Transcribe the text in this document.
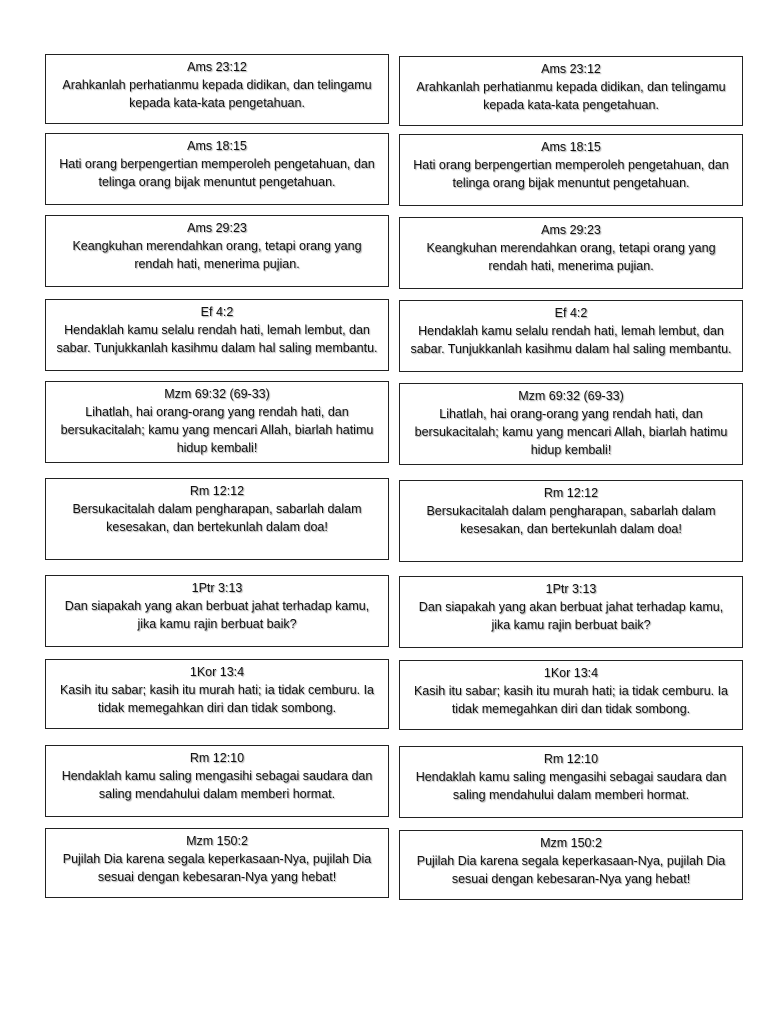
Ams 23:12

Arahkanlah perhatianmu kepada didikan, dan telingamu kepada kata-kata pengetahuan.

Ams 18:15

Hati orang berpengertian memperoleh pengetahuan, dan telinga orang bijak menuntut pengetahuan.

Ams 29:23

Keangkuhan merendahkan orang, tetapi orang yang rendah hati, menerima pujian.

Ef 4:2

Hendaklah kamu selalu rendah hati, lemah lembut, dan sabar. Tunjukkanlah kasihmu dalam hal saling membantu.

Mzm 69:32 (69-33)

Lihatlah, hai orang-orang yang rendah hati, dan bersukacitalah; kamu yang mencari Allah, biarlah hatimu hidup kembali!

Rm 12:12

Bersukacitalah dalam pengharapan, sabarlah dalam kesesakan, dan bertekunlah dalam doa!

1Ptr 3:13

Dan siapakah yang akan berbuat jahat terhadap kamu, jika kamu rajin berbuat baik?

1Kor 13:4

Kasih itu sabar; kasih itu murah hati; ia tidak cemburu. Ia tidak memegahkan diri dan tidak sombong.

Rm 12:10

Hendaklah kamu saling mengasihi sebagai saudara dan saling mendahului dalam memberi hormat.

Mzm 150:2

Pujilah Dia karena segala keperkasaan-Nya, pujilah Dia sesuai dengan kebesaran-Nya yang hebat!

Ams 23:12

Arahkanlah perhatianmu kepada didikan, dan telingamu kepada kata-kata pengetahuan.

Ams 18:15

Hati orang berpengertian memperoleh pengetahuan, dan telinga orang bijak menuntut pengetahuan.

Ams 29:23

Keangkuhan merendahkan orang, tetapi orang yang rendah hati, menerima pujian.

Ef 4:2

Hendaklah kamu selalu rendah hati, lemah lembut, dan sabar. Tunjukkanlah kasihmu dalam hal saling membantu.

Mzm 69:32 (69-33)

Lihatlah, hai orang-orang yang rendah hati, dan bersukacitalah; kamu yang mencari Allah, biarlah hatimu hidup kembali!

Rm 12:12

Bersukacitalah dalam pengharapan, sabarlah dalam kesesakan, dan bertekunlah dalam doa!

1Ptr 3:13

Dan siapakah yang akan berbuat jahat terhadap kamu, jika kamu rajin berbuat baik?

1Kor 13:4

Kasih itu sabar; kasih itu murah hati; ia tidak cemburu. Ia tidak memegahkan diri dan tidak sombong.

Rm 12:10

Hendaklah kamu saling mengasihi sebagai saudara dan saling mendahului dalam memberi hormat.

Mzm 150:2

Pujilah Dia karena segala keperkasaan-Nya, pujilah Dia sesuai dengan kebesaran-Nya yang hebat!
